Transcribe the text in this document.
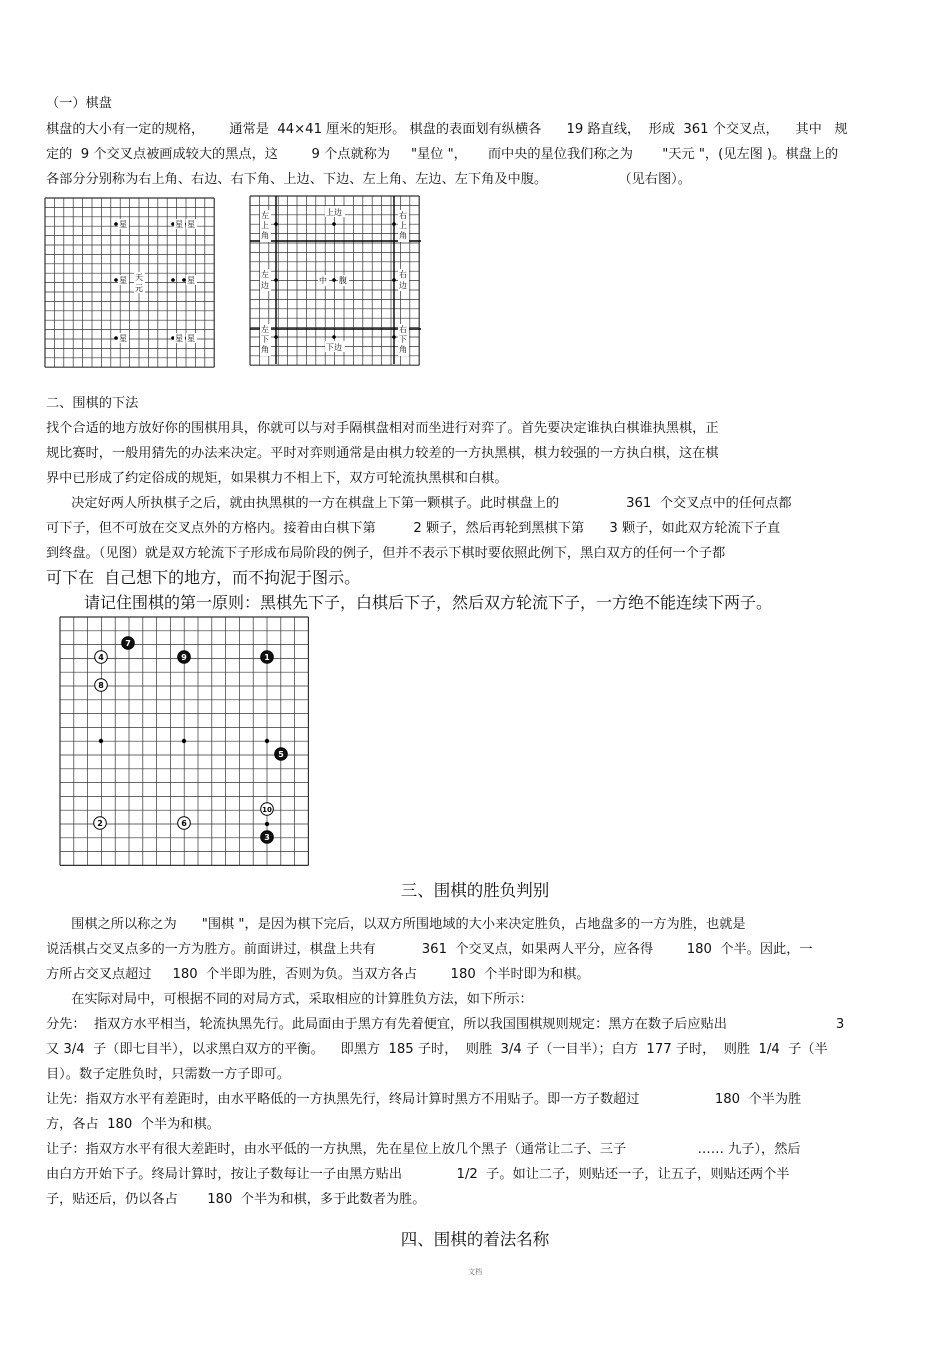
（一）棋盘

棋盘的大小有一定的规格，      通常是  44×41 厘米的矩形。 棋盘的表面划有纵横各      19 路直线，  形成  361 个交叉点，    其中   规

定的  9 个交叉点被画成较大的黑点，这        9 个点就称为     "星位 "，     而中央的星位我们称之为       "天元 "，(见左图 )。棋盘上的

各部分分别称为右上角、右边、右下角、上边、下边、左上角、左边、左下角及中腹。                 （见右图）。

星	星 星
星	星
星	星 星
天
元
左
上
角
上边	右
上
角
左
边
中 腹
右
边
左
下
角	下边
右
下
角

二、围棋的下法

找个合适的地方放好你的围棋用具，你就可以与对手隔棋盘相对而坐进行对弈了。首先要决定谁执白棋谁执黑棋，正

规比赛时，一般用猜先的办法来决定。平时对弈则通常是由棋力较差的一方执黑棋，棋力较强的一方执白棋，这在棋

界中已形成了约定俗成的规矩，如果棋力不相上下，双方可轮流执黑棋和白棋。

决定好两人所执棋子之后，就由执黑棋的一方在棋盘上下第一颗棋子。此时棋盘上的                361  个交叉点中的任何点都

可下子，但不可放在交叉点外的方格内。接着由白棋下第         2 颗子，然后再轮到黑棋下第      3 颗子，如此双方轮流下子直

到终盘。（见图）就是双方轮流下子形成布局阶段的例子，但并不表示下棋时要依照此例下，黑白双方的任何一个子都

可下在  自己想下的地方，而不拘泥于图示。

请记住围棋的第一原则：黑棋先下子，白棋后下子，然后双方轮流下子，一方绝不能连续下两子。

7
4	9	1
8
5
10
2	6
3

三、围棋的胜负判别

围棋之所以称之为      "围棋 "，是因为棋下完后，以双方所围地域的大小来决定胜负，占地盘多的一方为胜，也就是

说活棋占交叉点多的一方为胜方。前面讲过，棋盘上共有           361  个交叉点，如果两人平分，应各得        180  个半。因此，一

方所占交叉点超过     180  个半即为胜，否则为负。当双方各占        180  个半时即为和棋。

在实际对局中，可根据不同的对局方式，采取相应的计算胜负方法，如下所示：

分先：  指双方水平相当，轮流执黑先行。此局面由于黑方有先着便宜，所以我国围棋规则规定：黑方在数子后应贴出                          3

又 3/4  子（即七目半），以求黑白双方的平衡。    即黑方  185 子时，  则胜  3/4 子（一目半）；白方  177 子时，  则胜  1/4  子（半

目）。数子定胜负时，只需数一方子即可。

让先：指双方水平有差距时，由水平略低的一方执黑先行，终局计算时黑方不用贴子。即一方子数超过                  180  个半为胜

方，各占  180  个半为和棋。

让子：指双方水平有很大差距时，由水平低的一方执黑，先在星位上放几个黑子（通常让二子、三子                 …… 九子），然后

由白方开始下子。终局计算时，按让子数每让一子由黑方贴出             1/2  子。如让二子，则贴还一子，让五子，则贴还两个半

子，贴还后，仍以各占       180  个半为和棋，多于此数者为胜。

四、围棋的着法名称

文档
